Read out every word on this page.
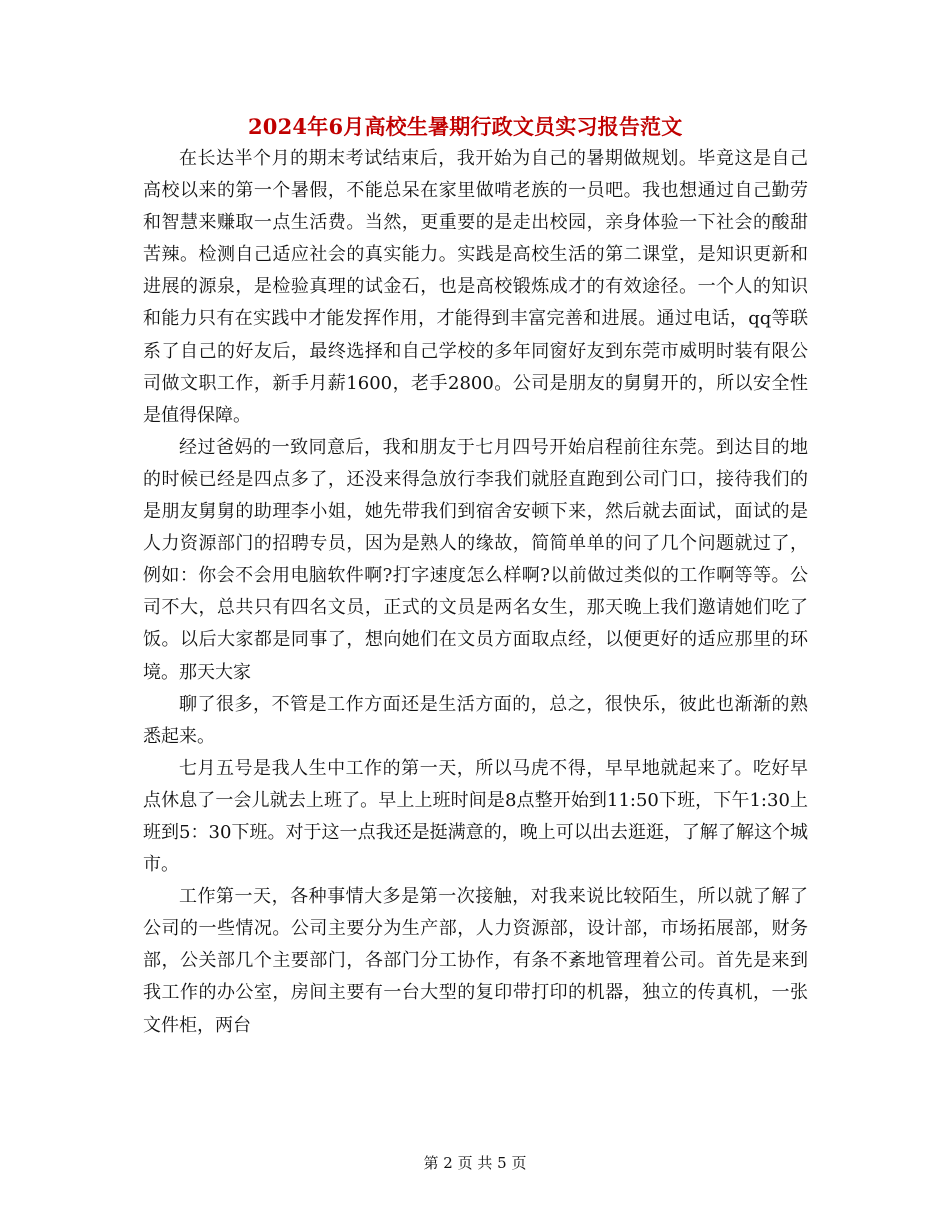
2024年6月高校生暑期行政文员实习报告范文

在长达半个月的期末考试结束后，我开始为自己的暑期做规划。毕竟这是自己高校以来的第一个暑假，不能总呆在家里做啃老族的一员吧。我也想通过自己勤劳和智慧来赚取一点生活费。当然，更重要的是走出校园，亲身体验一下社会的酸甜苦辣。检测自己适应社会的真实能力。实践是高校生活的第二课堂，是知识更新和进展的源泉，是检验真理的试金石，也是高校锻炼成才的有效途径。一个人的知识和能力只有在实践中才能发挥作用，才能得到丰富完善和进展。通过电话，qq等联系了自己的好友后，最终选择和自己学校的多年同窗好友到东莞市威明时装有限公司做文职工作，新手月薪1600，老手2800。公司是朋友的舅舅开的，所以安全性是值得保障。

经过爸妈的一致同意后，我和朋友于七月四号开始启程前往东莞。到达目的地的时候已经是四点多了，还没来得急放行李我们就胫直跑到公司门口，接待我们的是朋友舅舅的助理李小姐，她先带我们到宿舍安顿下来，然后就去面试，面试的是人力资源部门的招聘专员，因为是熟人的缘故，简简单单的问了几个问题就过了，例如：你会不会用电脑软件啊?打字速度怎么样啊?以前做过类似的工作啊等等。公司不大，总共只有四名文员，正式的文员是两名女生，那天晚上我们邀请她们吃了饭。以后大家都是同事了，想向她们在文员方面取点经，以便更好的适应那里的环境。那天大家

聊了很多，不管是工作方面还是生活方面的，总之，很快乐，彼此也渐渐的熟悉起来。

七月五号是我人生中工作的第一天，所以马虎不得，早早地就起来了。吃好早点休息了一会儿就去上班了。早上上班时间是8点整开始到11:50下班，下午1:30上班到5：30下班。对于这一点我还是挺满意的，晚上可以出去逛逛，了解了解这个城市。

工作第一天，各种事情大多是第一次接触，对我来说比较陌生，所以就了解了公司的一些情况。公司主要分为生产部，人力资源部，设计部，市场拓展部，财务部，公关部几个主要部门，各部门分工协作，有条不紊地管理着公司。首先是来到我工作的办公室，房间主要有一台大型的复印带打印的机器，独立的传真机，一张文件柜，两台

第 2 页 共 5 页
